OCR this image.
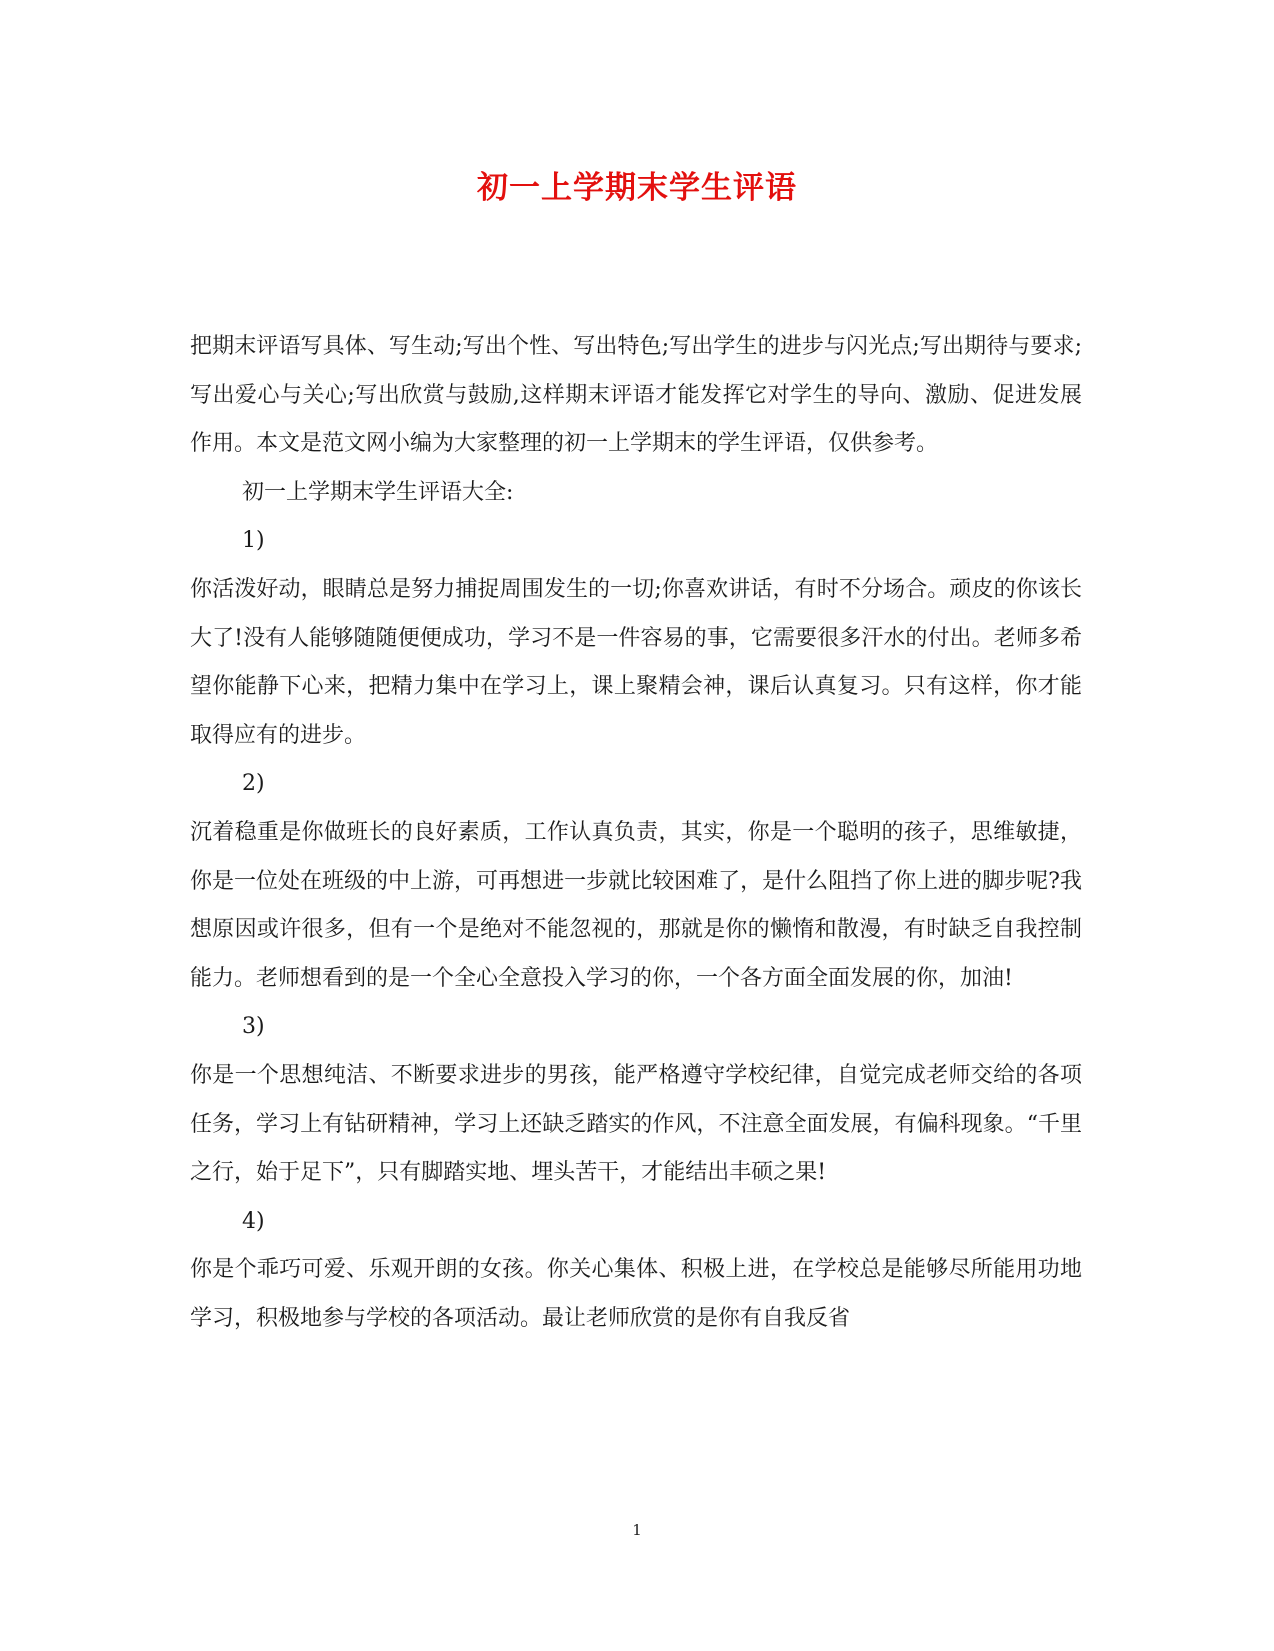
初一上学期末学生评语

把期末评语写具体、写生动;写出个性、写出特色;写出学生的进步与闪光点;写出期待与要求;写出爱心与关心;写出欣赏与鼓励,这样期末评语才能发挥它对学生的导向、激励、促进发展作用。本文是范文网小编为大家整理的初一上学期末的学生评语，仅供参考。

初一上学期末学生评语大全:

1)

你活泼好动，眼睛总是努力捕捉周围发生的一切;你喜欢讲话，有时不分场合。顽皮的你该长大了!没有人能够随随便便成功，学习不是一件容易的事，它需要很多汗水的付出。老师多希望你能静下心来，把精力集中在学习上，课上聚精会神，课后认真复习。只有这样，你才能取得应有的进步。

2)

沉着稳重是你做班长的良好素质，工作认真负责，其实，你是一个聪明的孩子，思维敏捷，你是一位处在班级的中上游，可再想进一步就比较困难了，是什么阻挡了你上进的脚步呢?我想原因或许很多，但有一个是绝对不能忽视的，那就是你的懒惰和散漫，有时缺乏自我控制能力。老师想看到的是一个全心全意投入学习的你，一个各方面全面发展的你，加油!

3)

你是一个思想纯洁、不断要求进步的男孩，能严格遵守学校纪律，自觉完成老师交给的各项任务，学习上有钻研精神，学习上还缺乏踏实的作风，不注意全面发展，有偏科现象。“千里之行，始于足下”，只有脚踏实地、埋头苦干，才能结出丰硕之果!

4)

你是个乖巧可爱、乐观开朗的女孩。你关心集体、积极上进，在学校总是能够尽所能用功地学习，积极地参与学校的各项活动。最让老师欣赏的是你有自我反省

1
